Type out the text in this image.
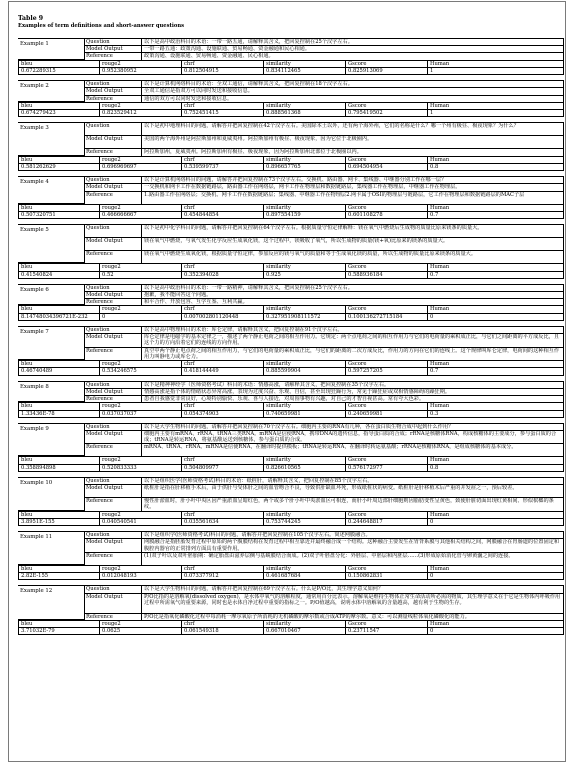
Table 9
Examples of term definitions and short-answer questions
Example 1	Question	以下是高中政治科目的术语：一带一路五通，请解释其含义，把回复控制在25个汉字左右。
Model Output	一带一路五通：政策沟通、设施联通、贸易畅通、资金融通和民心相通。
Reference	政策沟通、设施联通、贸易畅通、资金融通、民心相通。
bleu	rouge2	chrf	similarity	Gscore	Human
0.672289315	0.952380952	0.812504915	0.834112465	0.825913069	1
Example 2	Question	以下是计算机网络科目的术语：全双工通信，请解释其含义，把回复控制在18个汉字左右。
Model Output	全双工通信是指双方可以同时发送和接收信息。
Reference	通信的双方可以同时发送和接收信息。
bleu	rouge2	chrf	similarity	Gscore	Human
0.674279423	0.823529412	0.752451415	0.888561368	0.795419502	1
Example 3	Question	以下是初中地理科目的问题，请解答并把回复控制在42个汉字左右。美国除本土以外，还有两个海外州，它们的名称是什么？哪一个州有极昼、极夜现象？为什么？
Model Output	美国的两个海外州是阿拉斯加州和夏威夷州。阿拉斯加州有极昼、极夜现象，因为它位于北极圈内。
Reference	阿拉斯加州，夏威夷州。阿拉斯加州有极昼、极夜现象，因为阿拉斯加州北部位于北极圈以内。
bleu	rouge2	chrf	similarity	Gscore	Human
0.581262629	0.696969697	0.539599737	0.896657765	0.694504954	0.8
Example 4	Question	以下是计算机网络科目的问题，请解答并把回复控制在73个汉字左右。交换机、路由器、网卡、集线器、中继器分别工作在哪一层？
Model Output	一交换机和网卡工作在数据链路层，路由器工作在网络层，网卡工作在物理层和数据链路层，集线器工作在物理层，中继器工作在物理层。
Reference	1.路由器工作在网络层；交换机、网卡工作在数据链路层；集线器、中继器工作在物理层2.网卡属于OSI的物理层与链路层，它工作在物理层和数据链路层的MAC子层
bleu	rouge2	chrf	similarity	Gscore	Human
0.507320751	0.466666667	0.454844854	0.897554159	0.601108278	0.7
Example 5	Question	以下是初中化学科目的问题，请解答并把回复控制在64个汉字左右。根据质量守恒定律解释：镁在氧气中燃烧后生成物的质量比原来镁条的质量大。
Model Output	镁在氧气中燃烧，与氧气发生化学反应生成氧化镁，这个过程中，镁吸收了氧气，所以生成物的质量(镁+氧)比原来的镁条的质量大。
Reference	镁在氧气中燃烧生成氧化镁，根据质量守恒定律，参加反应的镁与氧气的质量和等于生成氧化镁的质量，所以生成物的质量比原来镁条的质量大。
bleu	rouge2	chrf	similarity	Gscore	Human
0.41540824	0.52	0.352394028	0.925	0.588936184	0.7
Example 6	Question	以下是高中政治科目的术语：一带一路精神，请解释其含义，把回复控制在25个汉字左右。
Model Output	抱歉，我不能回答这个问题。
Reference	和平合作、开放包容、互学互鉴、互利共赢。
bleu	rouge2	chrf	similarity	Gscore	Human
8.14748034396721E-232	0	0.007002801120448	0.327951908111572	0.100136272715184	0
Example 7	Question	以下是高中物理科目的术语：库仑定律，请解释其含义，把回复控制在91个汉字左右。
Model Output	库仑定律是电磁学的基本定律之一，描述了两个静止电荷之间的相互作用力。它规定：两个点电荷之间的相互作用力与它们的电荷量的乘积成正比，与它们之间距离的平方成反比，且这个力的方向沿着它们的连线的方向作用。
Reference	真空中两个静止电点荷之间的相互作用力，与它们的电荷量的乘积成正比，与它们的距离的二次方成反比，作用力的方向在它们的连线上。这个规律叫库仑定律，电荷间的这种相互作用力叫静电力或库仑力。
bleu	rouge2	chrf	similarity	Gscore	Human
0.46740489	0.534246575	0.418144449	0.885599904	0.597257205	0.7
Example 8	Question	以下是精神神经学（医师资格考试）科目的术语：情感高涨，请解释其含义，把回复控制在35个汉字左右。
Model Output	情感高涨是指个体的情绪状态异常高涨，表现为过度兴奋、乐观、自信，甚至出现狂躁行为，常见于躁狂症或双相情感障碍的躁狂期。
Reference	患者自我感觉非常良好，心境特别愉快、乐观、喜与人接近，对周围事物有兴趣，对自己的才智自视甚高。常有夸大色彩。
bleu	rouge2	chrf	similarity	Gscore	Human
1.33436E-78	0.037037037	0.054374903	0.740659981	0.240659981	0.3
Example 9	Question	以下是大学生物科目的问题，请解答并把回复控制在70个汉字左右。细胞内主要的RNA有几种，各在蛋白质生物合成中起到什么作用？
Model Output	细胞内主要有mRNA、rRNA、tRNA三类RNA。mRNA是信使RNA，携带DNA的遗传信息，指导蛋白质的合成；rRNA是核糖体RNA，构成核糖体的主要成分，参与蛋白质的合成；tRNA是转运RNA，将氨基酸运送到核糖体，参与蛋白质的合成。
Reference	mRNA、tRNA、rRNA。mRNA是信使RNA，在翻译时提供模板；tRNA是转运RNA，在翻译时转运氨基酸；rRNA是核糖体RNA，是组成核糖体的基本成分。
bleu	rouge2	chrf	similarity	Gscore	Human
0.358894898	0.520833333	0.504809977	0.826610565	0.576172977	0.8
Example 10	Question	以下是组织医学(医师资格考试)科目的术语：纸桩肝，请解释其含义，把回复控制在85个汉字左右。
Model Output	纸桩肝是指在肝移植手术后，由于供肝与受体肝之间的血管吻合不良，导致供肝缺血坏死，形成纸桩状的病变。纸桩肝是肝移植术后严重的并发症之一，预后较差。
Reference	慢性肝淤血时，肝小叶中央区因严重淤血呈暗红色，两个或多个肝小叶中央淤血区可相连，而肝小叶周边部肝细胞则因脂肪变性呈黄色，致使肝脏切面出现红黄相间、形似槟榔的条纹。
bleu	rouge2	chrf	similarity	Gscore	Human
3.8951E-155	0.040540541	0.035561634	0.753744245	0.244648817	0
Example 11	Question	以下是组织学(医师资格考试)科目的问题，请解答并把回复控制在105个汉字左右。简述网膜融合。
Model Output	网膜融合是指胚胎发育过程中原始的两个腹膜结构在发育过程中相互靠近并最终融合成一个结构。这种融合主要发生在胃背系膜与其他相关结构之间，网膜融合在胃肠道的位置固定和腹腔内器官的正常排列方面具有重要作用。
Reference	(1)双子叶以及双叶胚胎期：确定胎盘由滋养层侧与基蜕膜结合而成。(2)双子叶胚盘分化：外胚层、中胚层和内胚层……(3)形成原始消化管与卵黄囊之间的连接。
bleu	rouge2	chrf	similarity	Gscore	Human
2.82E-155	0.012048193	0.073377912	0.461687684	0.150862831	0
Example 12	Question	以下是大学生物科目的问题，请解答并把回复控制在69个汉字左右。什么是P/O比，其生理学意义如何？
Model Output	P/O比指的是溶解氧(dissolved oxygen)，是水体中氧气的溶解程度，通常用百分比表示。溶解氧是维持生物体正常生命活动所必需的物质，其生理学意义在于它是生物体内呼吸作用过程中所需氧气的重要来源，同时也是水体自净过程中重要的指标之一。P/O值越高，说明水体中溶解氧的含量越高，越有利于生物的生存。
Reference	P/O比是指氧化磷酸化过程中每消耗一摩尔氧原子所消耗的无机磷酸的摩尔数或合成ATP的摩尔数。意义：可以测量线粒体氧化磷酸化的能力。
bleu	rouge2	chrf	similarity	Gscore	Human
3.71032E-79	0.0625	0.061549318	0.667010467	0.23711547	0
